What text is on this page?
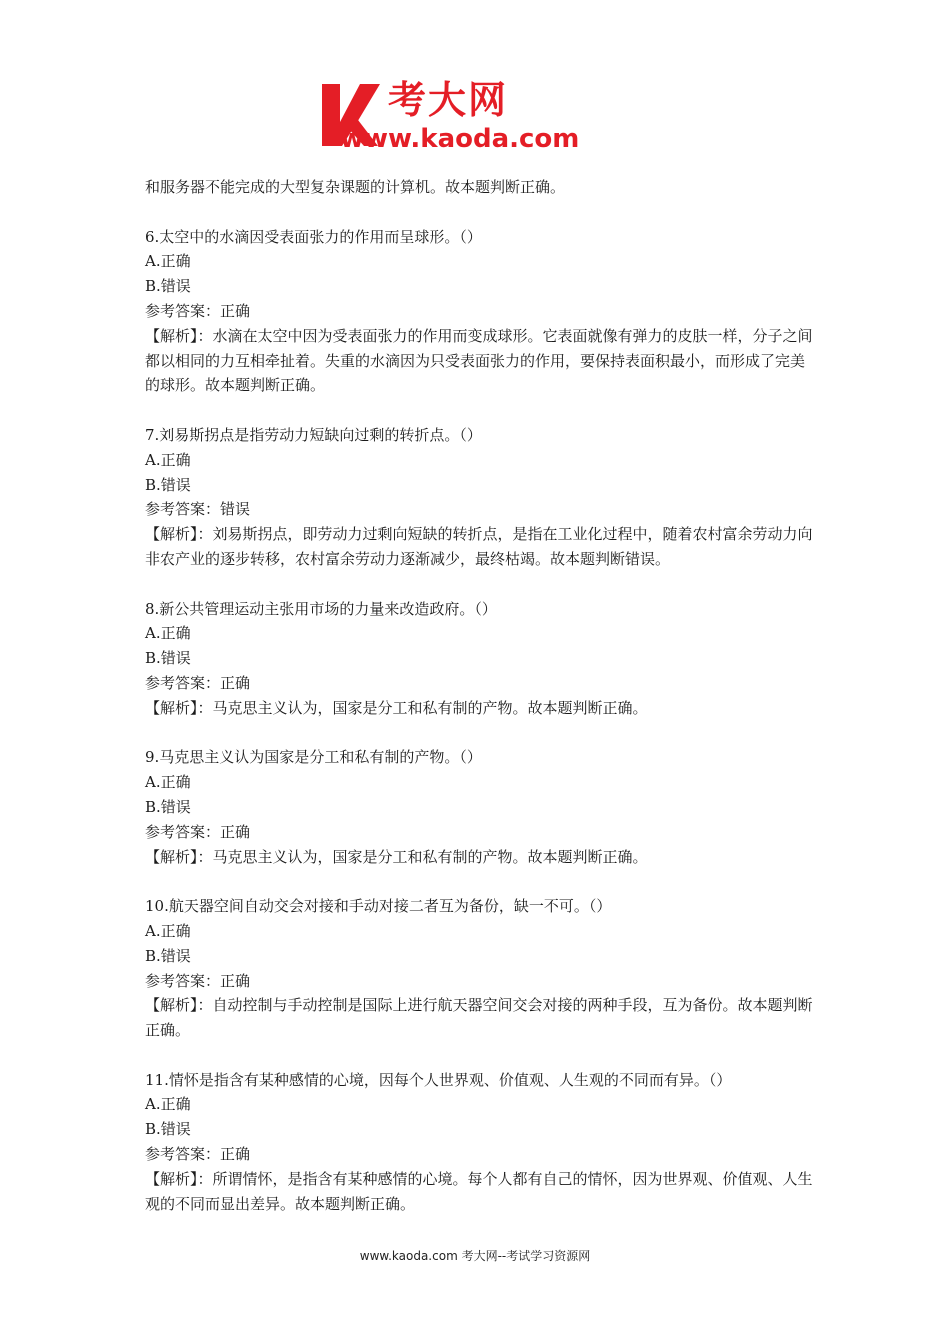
考大网
www.kaoda.com

和服务器不能完成的大型复杂课题的计算机。故本题判断正确。

6.太空中的水滴因受表面张力的作用而呈球形。（）

A.正确

B.错误

参考答案：正确

【解析】：水滴在太空中因为受表面张力的作用而变成球形。它表面就像有弹力的皮肤一样，分子之间都以相同的力互相牵扯着。失重的水滴因为只受表面张力的作用，要保持表面积最小，而形成了完美的球形。故本题判断正确。

7.刘易斯拐点是指劳动力短缺向过剩的转折点。（）

A.正确

B.错误

参考答案：错误

【解析】：刘易斯拐点，即劳动力过剩向短缺的转折点，是指在工业化过程中，随着农村富余劳动力向非农产业的逐步转移，农村富余劳动力逐渐减少，最终枯竭。故本题判断错误。

8.新公共管理运动主张用市场的力量来改造政府。（）

A.正确

B.错误

参考答案：正确

【解析】：马克思主义认为，国家是分工和私有制的产物。故本题判断正确。

9.马克思主义认为国家是分工和私有制的产物。（）

A.正确

B.错误

参考答案：正确

【解析】：马克思主义认为，国家是分工和私有制的产物。故本题判断正确。

10.航天器空间自动交会对接和手动对接二者互为备份，缺一不可。（）

A.正确

B.错误

参考答案：正确

【解析】：自动控制与手动控制是国际上进行航天器空间交会对接的两种手段，互为备份。故本题判断正确。

11.情怀是指含有某种感情的心境，因每个人世界观、价值观、人生观的不同而有异。（）

A.正确

B.错误

参考答案：正确

【解析】：所谓情怀，是指含有某种感情的心境。每个人都有自己的情怀，因为世界观、价值观、人生观的不同而显出差异。故本题判断正确。

www.kaoda.com 考大网--考试学习资源网
